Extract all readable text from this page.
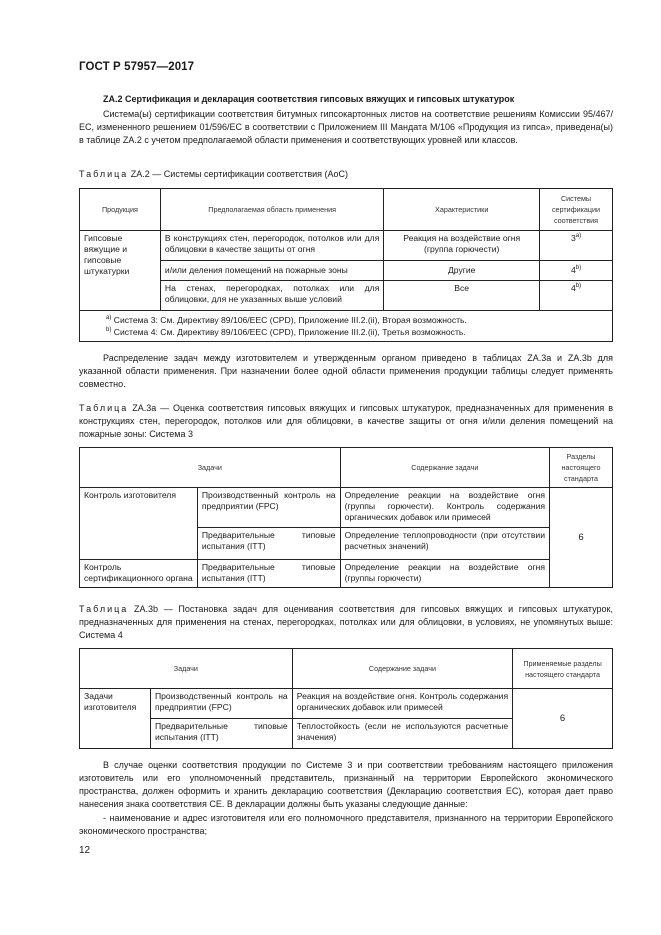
ГОСТ Р 57957—2017
ZA.2 Сертификация и декларация соответствия гипсовых вяжущих и гипсовых штукатурок
Система(ы) сертификации соответствия битумных гипсокартонных листов на соответствие решениям Комиссии 95/467/ЕС, измененного решением 01/596/ЕС в соответствии с Приложением III Мандата М/106 «Продукция из гипса», приведена(ы) в таблице ZA.2 с учетом предполагаемой области применения и соответствующих уровней или классов.
Таблица ZA.2 — Системы сертификации соответствия (АоС)
Продукция	Предполагаемая область применения	Характеристики	Системы сертификации соответствия
Гипсовые вяжущие и гипсовые штукатурки	В конструкциях стен, перегородок, потолков или для облицовки в качестве защиты от огня	Реакция на воздействие огня (группа горючести)	3$^{a)}$
	и/или деления помещений на пожарные зоны	Другие	4$^{b)}$
	На стенах, перегородках, потолках или для облицовки, для не указанных выше условий	Все	4$^{b)}$

$^{a)}$ Система 3: См. Директиву 89/106/ЕЕС (CPD), Приложение III.2.(ii), Вторая возможность.
$^{b)}$ Система 4: См. Директиву 89/106/ЕЕС (CPD), Приложение III.2.(ii), Третья возможность.			
Распределение задач между изготовителем и утвержденным органом приведено в таблицах ZA.3a и ZA.3b для указанной области применения. При назначении более одной области применения продукции таблицы следует применять совместно.
Таблица ZA.3a — Оценка соответствия гипсовых вяжущих и гипсовых штукатурок, предназначенных для применения в конструкциях стен, перегородок, потолков или для облицовки, в качестве защиты от огня и/или деления помещений на пожарные зоны: Система 3
Задачи		Содержание задачи	Разделы настоящего стандарта
Контроль изготовителя	Производственный контроль на предприятии (FPC)	Определение реакции на воздействие огня (группы горючести). Контроль содержания органических добавок или примесей	6
	Предварительные типовые испытания (ITT)	Определение теплопроводности (при отсутствии расчетных значений)	
Контроль сертификационного органа	Предварительные типовые испытания (ITT)	Определение реакции на воздействие огня (группы горючести)	
Таблица ZA.3b — Постановка задач для оценивания соответствия для гипсовых вяжущих и гипсовых штукатурок, предназначенных для применения на стенах, перегородках, потолках или для облицовки, в условиях, не упомянутых выше: Система 4
Задачи		Содержание задачи	Применяемые разделы настоящего стандарта
Задачи изготовителя	Производственный контроль на предприятии (FPC)	Реакция на воздействие огня. Контроль содержания органических добавок или примесей	6
	Предварительные типовые испытания (ITT)	Теплостойкость (если не используются расчетные значения)	
В случае оценки соответствия продукции по Системе 3 и при соответствии требованиям настоящего приложения изготовитель или его уполномоченный представитель, признанный на территории Европейского экономического пространства, должен оформить и хранить декларацию соответствия (Декларацию соответствия ЕС), которая дает право нанесения знака соответствия СЕ. В декларации должны быть указаны следующие данные:
- наименование и адрес изготовителя или его полномочного представителя, признанного на территории Европейского экономического пространства;
12
